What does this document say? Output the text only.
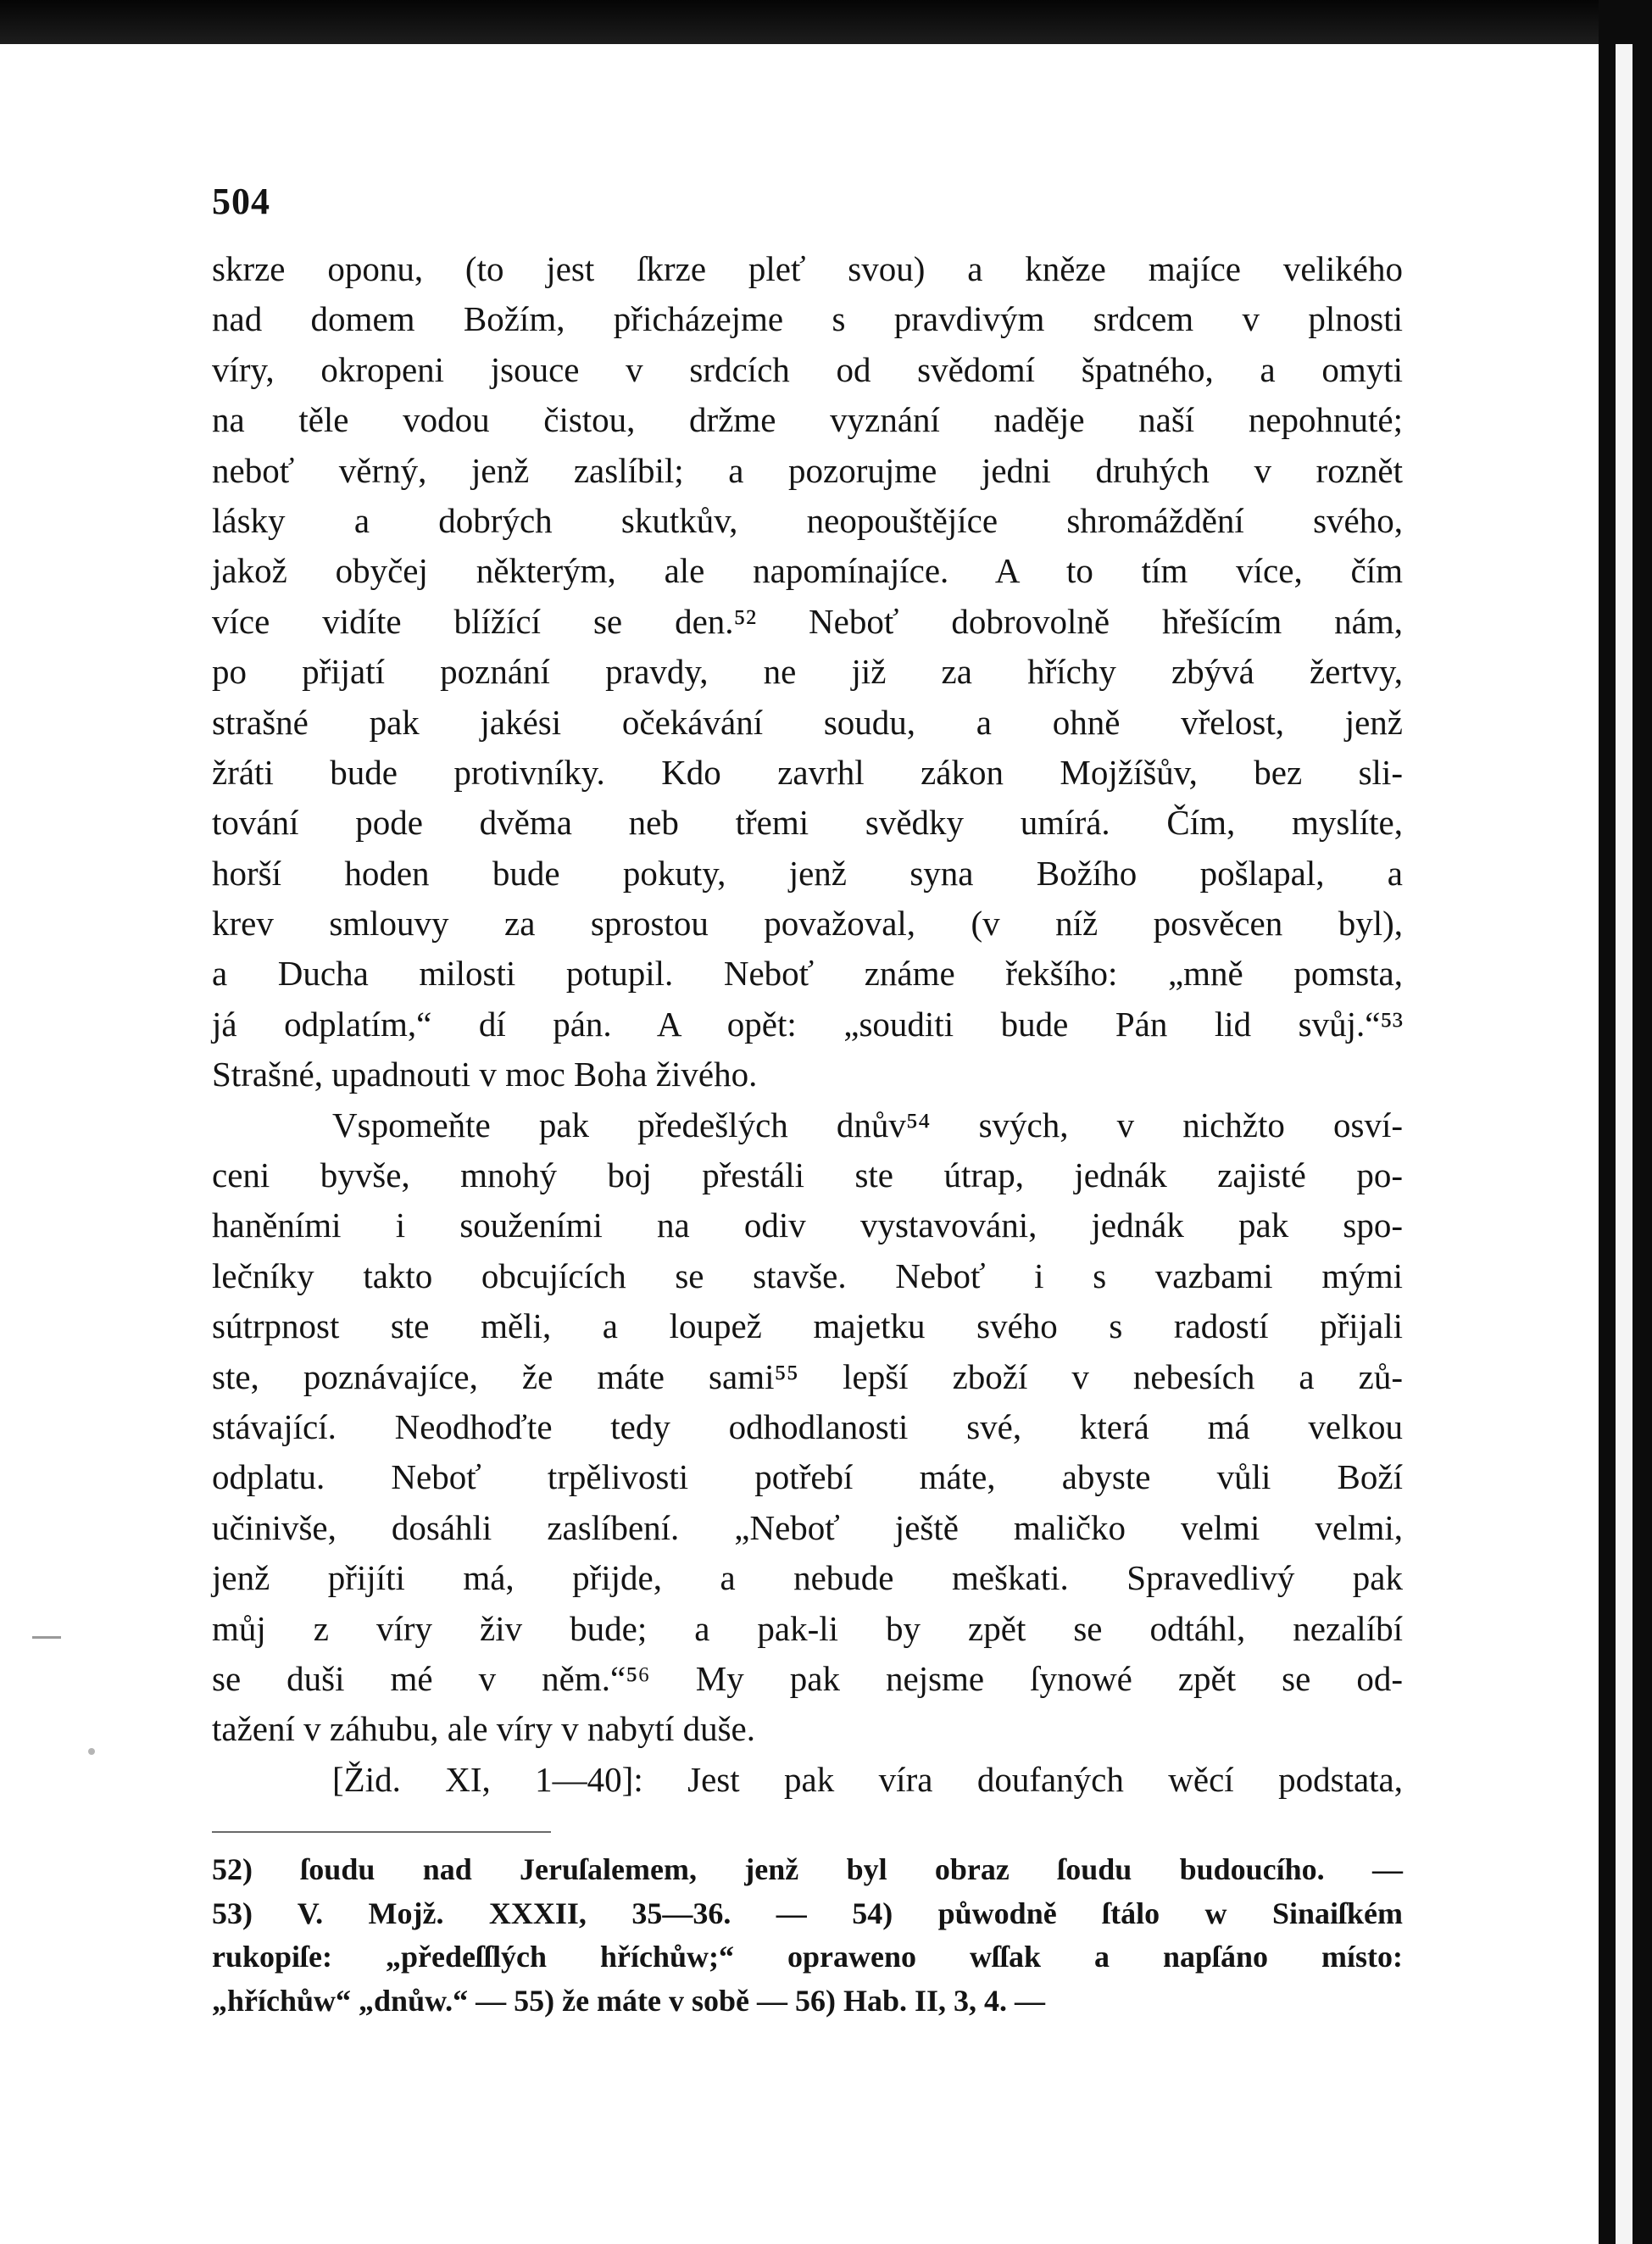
504
skrze oponu, (to jest ſkrze pleť svou) a kněze majíce velikého
nad domem Božím, přicházejme s pravdivým srdcem v plnosti
víry, okropeni jsouce v srdcích od svědomí špatného, a omyti
na těle vodou čistou, držme vyznání naděje naší nepohnuté;
neboť věrný, jenž zaslíbil; a pozorujme jedni druhých v roznět
lásky a dobrých skutkův, neopouštějíce shromáždění svého,
jakož obyčej některým, ale napomínajíce. A to tím více, čím
více vidíte blížící se den.⁵² Neboť dobrovolně hřešícím nám,
po přijatí poznání pravdy, ne již za hříchy zbývá žertvy,
strašné pak jakési očekávání soudu, a ohně vřelost, jenž
žráti bude protivníky. Kdo zavrhl zákon Mojžíšův, bez sli-
tování pode dvěma neb třemi svědky umírá. Čím, myslíte,
horší hoden bude pokuty, jenž syna Božího pošlapal, a
krev smlouvy za sprostou považoval, (v níž posvěcen byl),
a Ducha milosti potupil. Neboť známe řekšího: „mně pomsta,
já odplatím,“ dí pán. A opět: „souditi bude Pán lid svůj.“⁵³
Strašné, upadnouti v moc Boha živého.
Vspomeňte pak předešlých dnův⁵⁴ svých, v nichžto osví-
ceni byvše, mnohý boj přestáli ste útrap, jednák zajisté po-
haněními i souženími na odiv vystavováni, jednák pak spo-
lečníky takto obcujících se stavše. Neboť i s vazbami mými
sútrpnost ste měli, a loupež majetku svého s radostí přijali
ste, poznávajíce, že máte sami⁵⁵ lepší zboží v nebesích a zů-
stávající. Neodhoďte tedy odhodlanosti své, která má velkou
odplatu. Neboť trpělivosti potřebí máte, abyste vůli Boží
učinivše, dosáhli zaslíbení. „Neboť ještě maličko velmi velmi,
jenž přijíti má, přijde, a nebude meškati. Spravedlivý pak
můj z víry živ bude; a pak-li by zpět se odtáhl, nezalíbí
se duši mé v něm.“⁵⁶ My pak nejsme ſynowé zpět se od-
tažení v záhubu, ale víry v nabytí duše.
[Žid. XI, 1—40]: Jest pak víra doufaných wěcí podstata,
52) ſoudu nad Jeruſalemem, jenž byl obraz ſoudu budoucího. —
53) V. Mojž. XXXII, 35—36. — 54) půwodně ſtálo w Sinaiſkém
rukopiſe: „předeſſlých hříchůw;“ opraweno wſſak a napſáno místo:
„hříchůw“ „dnůw.“ — 55) že máte v sobě — 56) Hab. II, 3, 4. —
